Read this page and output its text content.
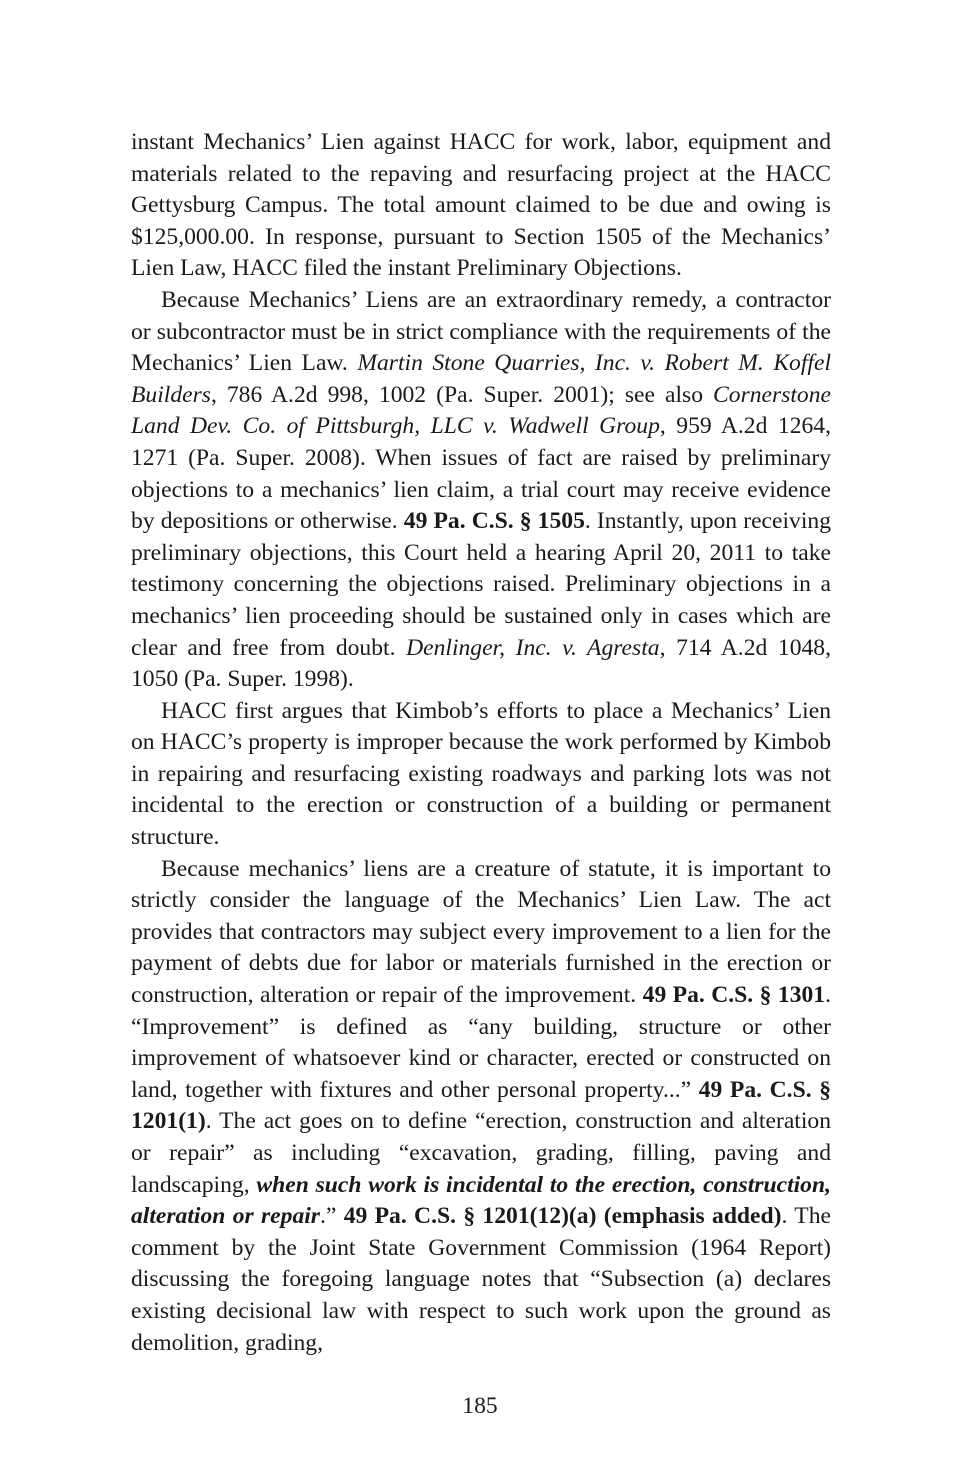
instant Mechanics’ Lien against HACC for work, labor, equipment and materials related to the repaving and resurfacing project at the HACC Gettysburg Campus. The total amount claimed to be due and owing is $125,000.00. In response, pursuant to Section 1505 of the Mechanics’ Lien Law, HACC filed the instant Preliminary Objections.

Because Mechanics’ Liens are an extraordinary remedy, a contractor or subcontractor must be in strict compliance with the requirements of the Mechanics’ Lien Law. Martin Stone Quarries, Inc. v. Robert M. Koffel Builders, 786 A.2d 998, 1002 (Pa. Super. 2001); see also Cornerstone Land Dev. Co. of Pittsburgh, LLC v. Wadwell Group, 959 A.2d 1264, 1271 (Pa. Super. 2008). When issues of fact are raised by preliminary objections to a mechanics’ lien claim, a trial court may receive evidence by depositions or otherwise. 49 Pa. C.S. § 1505. Instantly, upon receiving preliminary objections, this Court held a hearing April 20, 2011 to take testimony concerning the objections raised. Preliminary objections in a mechanics’ lien proceeding should be sustained only in cases which are clear and free from doubt. Denlinger, Inc. v. Agresta, 714 A.2d 1048, 1050 (Pa. Super. 1998).

HACC first argues that Kimbob’s efforts to place a Mechanics’ Lien on HACC’s property is improper because the work performed by Kimbob in repairing and resurfacing existing roadways and parking lots was not incidental to the erection or construction of a building or permanent structure.

Because mechanics’ liens are a creature of statute, it is important to strictly consider the language of the Mechanics’ Lien Law. The act provides that contractors may subject every improvement to a lien for the payment of debts due for labor or materials furnished in the erection or construction, alteration or repair of the improvement. 49 Pa. C.S. § 1301. “Improvement” is defined as “any building, structure or other improvement of whatsoever kind or character, erected or constructed on land, together with fixtures and other personal property...” 49 Pa. C.S. § 1201(1). The act goes on to define “erection, construction and alteration or repair” as including “excavation, grading, filling, paving and landscaping, when such work is incidental to the erection, construction, alteration or repair.” 49 Pa. C.S. § 1201(12)(a) (emphasis added). The comment by the Joint State Government Commission (1964 Report) discussing the foregoing language notes that “Subsection (a) declares existing decisional law with respect to such work upon the ground as demolition, grading,

185
